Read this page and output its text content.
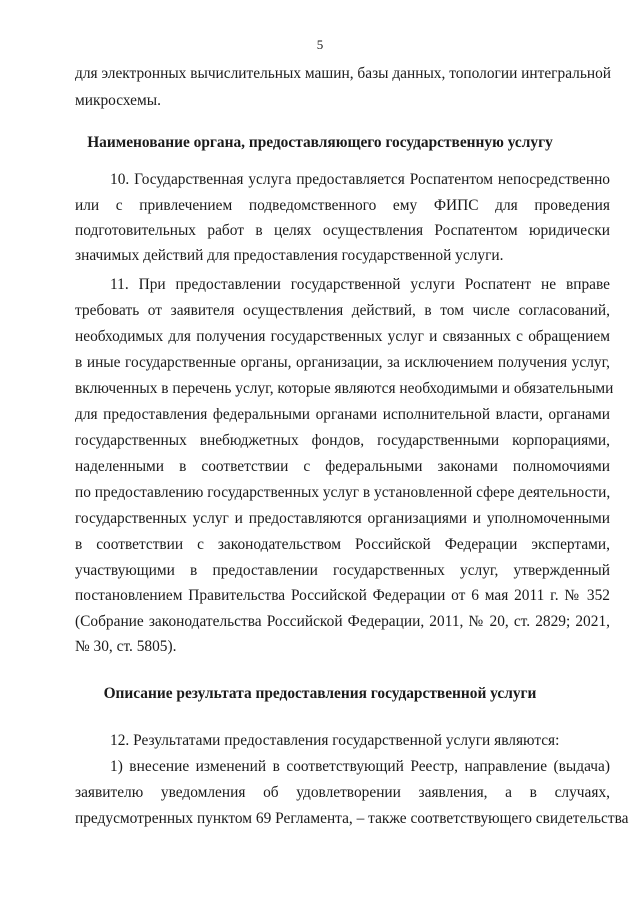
5
для электронных вычислительных машин, базы данных, топологии интегральной
микросхемы.
Наименование органа, предоставляющего государственную услугу
10. Государственная услуга предоставляется Роспатентом непосредственно
или с привлечением подведомственного ему ФИПС для проведения
подготовительных работ в целях осуществления Роспатентом юридически
значимых действий для предоставления государственной услуги.
11. При предоставлении государственной услуги Роспатент не вправе
требовать от заявителя осуществления действий, в том числе согласований,
необходимых для получения государственных услуг и связанных с обращением
в иные государственные органы, организации, за исключением получения услуг,
включенных в перечень услуг, которые являются необходимыми и обязательными
для предоставления федеральными органами исполнительной власти, органами
государственных внебюджетных фондов, государственными корпорациями,
наделенными в соответствии с федеральными законами полномочиями
по предоставлению государственных услуг в установленной сфере деятельности,
государственных услуг и предоставляются организациями и уполномоченными
в соответствии с законодательством Российской Федерации экспертами,
участвующими в предоставлении государственных услуг, утвержденный
постановлением Правительства Российской Федерации от 6 мая 2011 г. № 352
(Собрание законодательства Российской Федерации, 2011, № 20, ст. 2829; 2021,
№ 30, ст. 5805).
Описание результата предоставления государственной услуги
12. Результатами предоставления государственной услуги являются:
1) внесение изменений в соответствующий Реестр, направление (выдача)
заявителю уведомления об удовлетворении заявления, а в случаях,
предусмотренных пунктом 69 Регламента, – также соответствующего свидетельства
